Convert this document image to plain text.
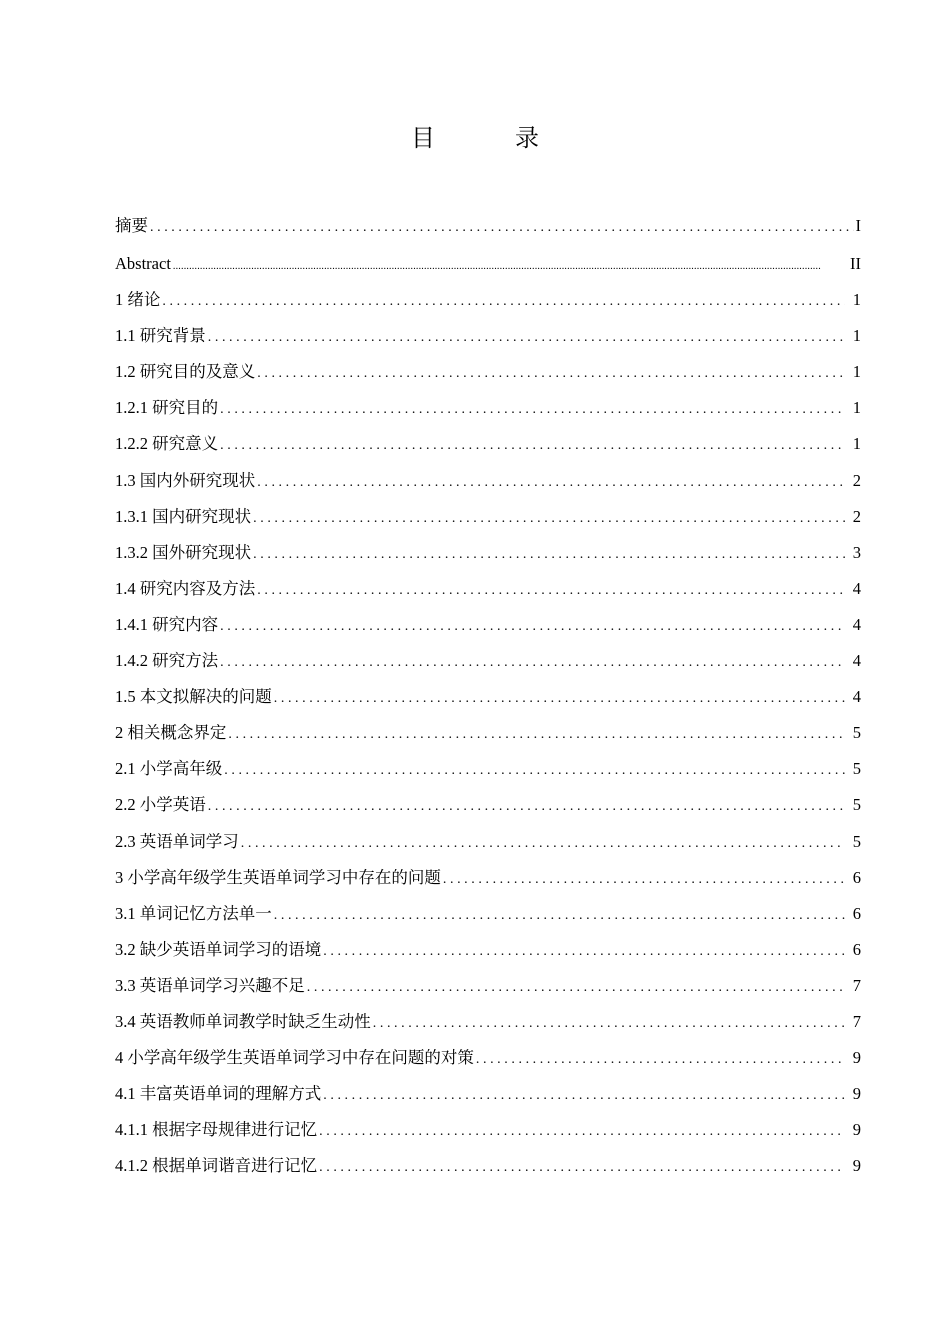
目　录
摘要 .....	I
Abstract .....	II
1 绪论 .....	1
1.1 研究背景 .....	1
1.2 研究目的及意义 .....	1
1.2.1 研究目的 .....	1
1.2.2 研究意义 .....	1
1.3 国内外研究现状 .....	2
1.3.1 国内研究现状 .....	2
1.3.2 国外研究现状 .....	3
1.4 研究内容及方法 .....	4
1.4.1 研究内容 .....	4
1.4.2 研究方法 .....	4
1.5 本文拟解决的问题 .....	4
2 相关概念界定 .....	5
2.1 小学高年级 .....	5
2.2 小学英语 .....	5
2.3 英语单词学习 .....	5
3 小学高年级学生英语单词学习中存在的问题 .....	6
3.1 单词记忆方法单一 .....	6
3.2 缺少英语单词学习的语境 .....	6
3.3 英语单词学习兴趣不足 .....	7
3.4 英语教师单词教学时缺乏生动性 .....	7
4 小学高年级学生英语单词学习中存在问题的对策 .....	9
4.1 丰富英语单词的理解方式 .....	9
4.1.1 根据字母规律进行记忆 .....	9
4.1.2 根据单词谐音进行记忆 .....	9
